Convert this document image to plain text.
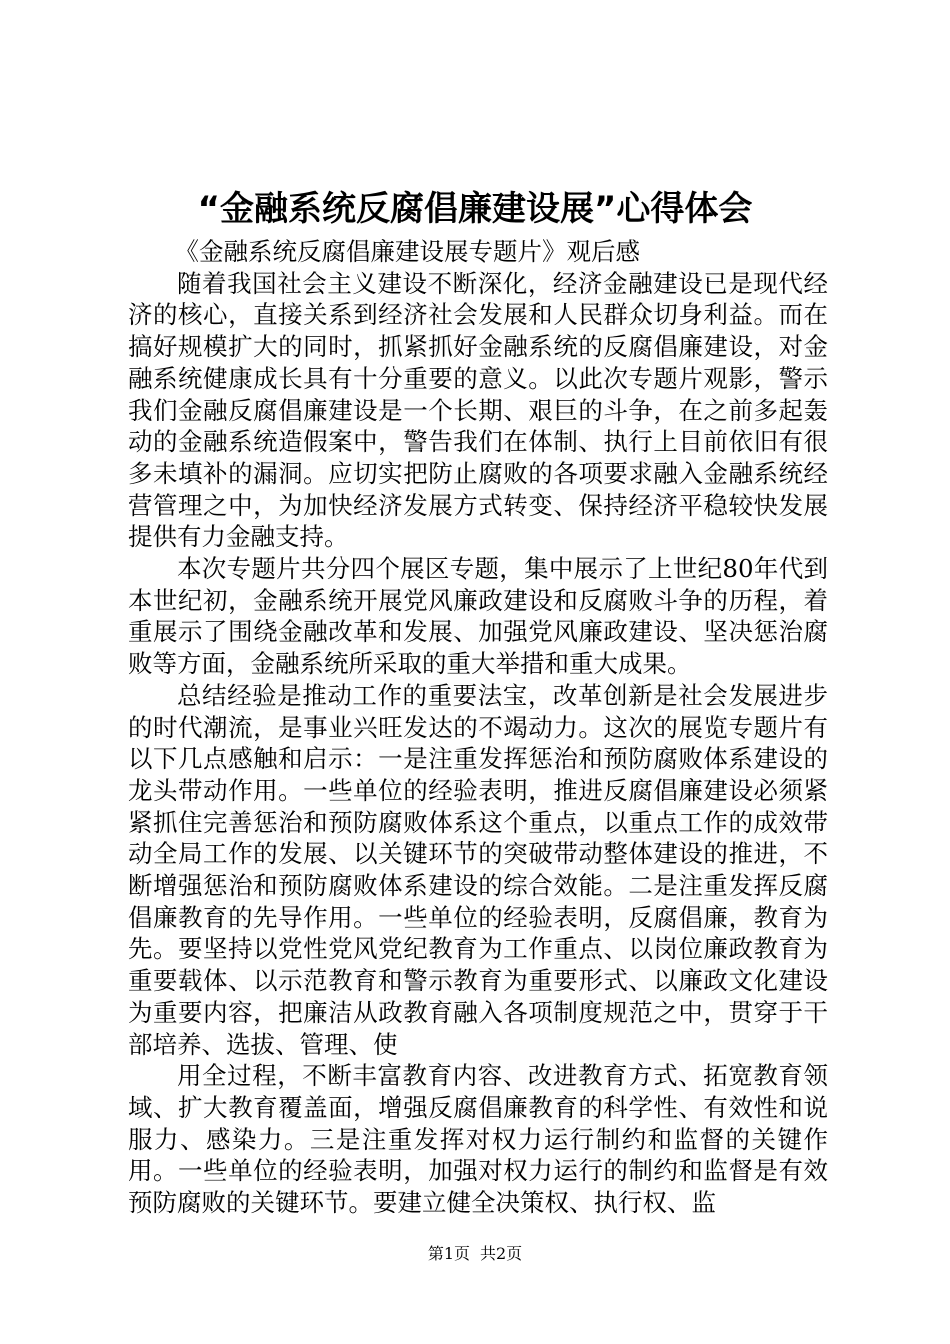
“金融系统反腐倡廉建设展”心得体会

《金融系统反腐倡廉建设展专题片》观后感

随着我国社会主义建设不断深化，经济金融建设已是现代经济的核心，直接关系到经济社会发展和人民群众切身利益。而在搞好规模扩大的同时，抓紧抓好金融系统的反腐倡廉建设，对金融系统健康成长具有十分重要的意义。以此次专题片观影，警示我们金融反腐倡廉建设是一个长期、艰巨的斗争，在之前多起轰动的金融系统造假案中，警告我们在体制、执行上目前依旧有很多未填补的漏洞。应切实把防止腐败的各项要求融入金融系统经营管理之中，为加快经济发展方式转变、保持经济平稳较快发展提供有力金融支持。

本次专题片共分四个展区专题，集中展示了上世纪80年代到本世纪初，金融系统开展党风廉政建设和反腐败斗争的历程，着重展示了围绕金融改革和发展、加强党风廉政建设、坚决惩治腐败等方面，金融系统所采取的重大举措和重大成果。

总结经验是推动工作的重要法宝，改革创新是社会发展进步的时代潮流，是事业兴旺发达的不竭动力。这次的展览专题片有以下几点感触和启示：一是注重发挥惩治和预防腐败体系建设的龙头带动作用。一些单位的经验表明，推进反腐倡廉建设必须紧紧抓住完善惩治和预防腐败体系这个重点，以重点工作的成效带动全局工作的发展、以关键环节的突破带动整体建设的推进，不断增强惩治和预防腐败体系建设的综合效能。二是注重发挥反腐倡廉教育的先导作用。一些单位的经验表明，反腐倡廉，教育为先。要坚持以党性党风党纪教育为工作重点、以岗位廉政教育为重要载体、以示范教育和警示教育为重要形式、以廉政文化建设为重要内容，把廉洁从政教育融入各项制度规范之中，贯穿于干部培养、选拔、管理、使

用全过程，不断丰富教育内容、改进教育方式、拓宽教育领域、扩大教育覆盖面，增强反腐倡廉教育的科学性、有效性和说服力、感染力。三是注重发挥对权力运行制约和监督的关键作用。一些单位的经验表明，加强对权力运行的制约和监督是有效预防腐败的关键环节。要建立健全决策权、执行权、监

第1页 共2页
